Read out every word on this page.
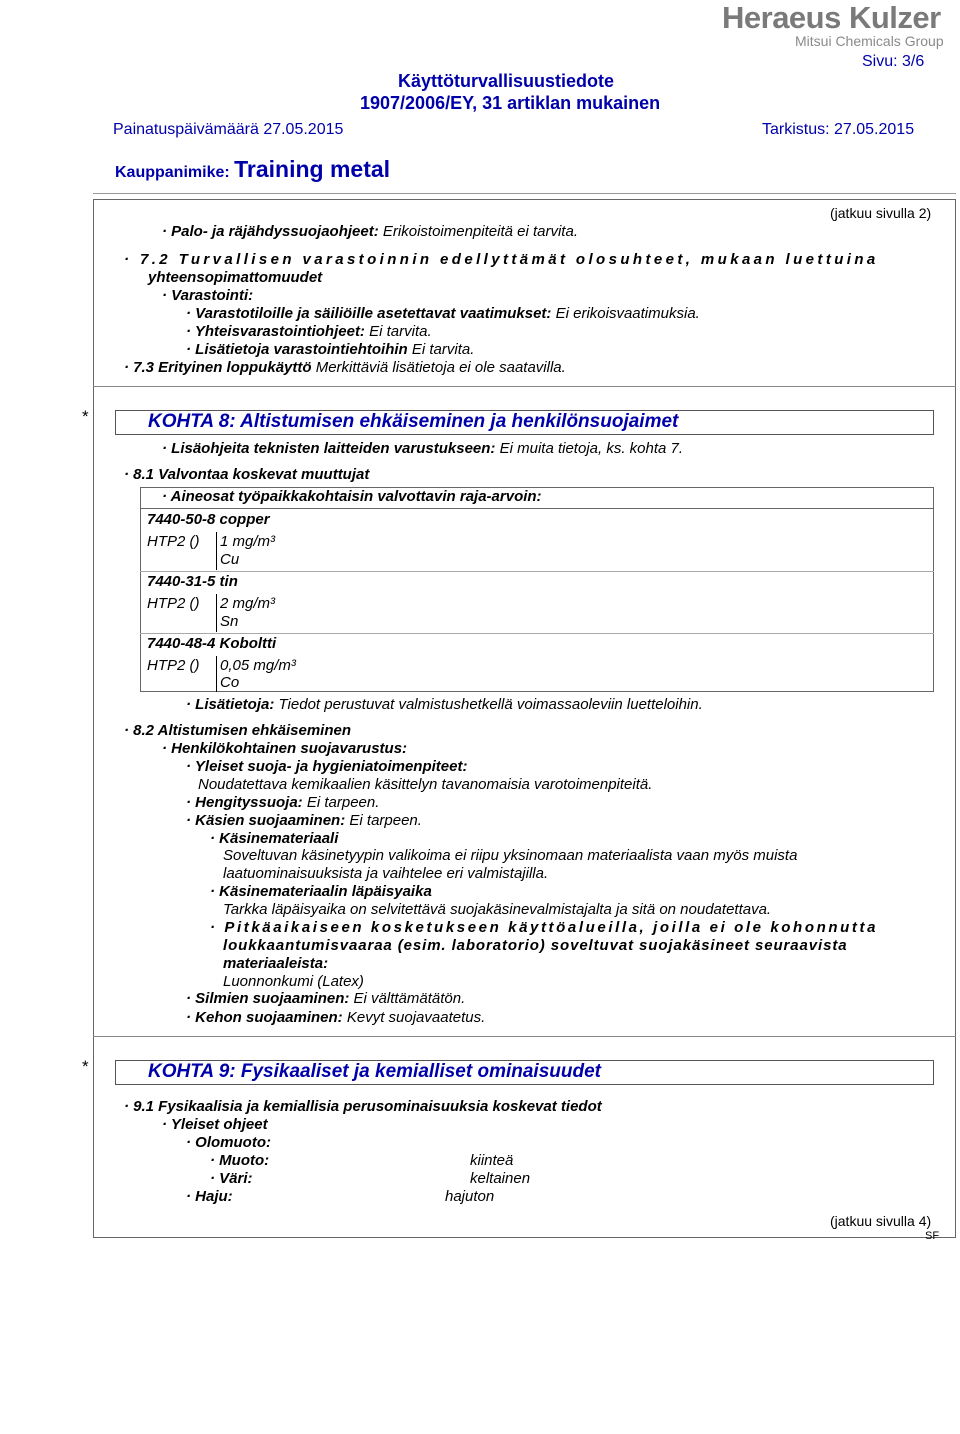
Heraeus Kulzer
Mitsui Chemicals Group
Sivu: 3/6
Käyttöturvallisuustiedote
1907/2006/EY, 31 artiklan mukainen
Painatuspäivämäärä 27.05.2015	Tarkistus: 27.05.2015
Kauppanimike: Training metal
(jatkuu sivulla 2)
· Palo- ja räjähdyssuojaohjeet: Erikoistoimenpiteitä ei tarvita.
· 7.2 Turvallisen varastoinnin edellyttämät olosuhteet, mukaan luettuina
yhteensopimattomuudet
· Varastointi:
· Varastotiloille ja säiliöille asetettavat vaatimukset: Ei erikoisvaatimuksia.
· Yhteisvarastointiohjeet: Ei tarvita.
· Lisätietoja varastointiehtoihin Ei tarvita.
· 7.3 Erityinen loppukäyttö Merkittäviä lisätietoja ei ole saatavilla.
*	KOHTA 8: Altistumisen ehkäiseminen ja henkilönsuojaimet
· Lisäohjeita teknisten laitteiden varustukseen: Ei muita tietoja, ks. kohta 7.
· 8.1 Valvontaa koskevat muuttujat
· Aineosat työpaikkakohtaisin valvottavin raja-arvoin:
7440-50-8 copper
HTP2 () 1 mg/m³
Cu
7440-31-5 tin
HTP2 () 2 mg/m³
Sn
7440-48-4 Koboltti
HTP2 () 0,05 mg/m³
Co
· Lisätietoja: Tiedot perustuvat valmistushetkellä voimassaoleviin luetteloihin.
· 8.2 Altistumisen ehkäiseminen
· Henkilökohtainen suojavarustus:
· Yleiset suoja- ja hygieniatoimenpiteet:
Noudatettava kemikaalien käsittelyn tavanomaisia varotoimenpiteitä.
· Hengityssuoja: Ei tarpeen.
· Käsien suojaaminen: Ei tarpeen.
· Käsinemateriaali
Soveltuvan käsinetyypin valikoima ei riipu yksinomaan materiaalista vaan myös muista
laatuominaisuuksista ja vaihtelee eri valmistajilla.
· Käsinemateriaalin läpäisyaika
Tarkka läpäisyaika on selvitettävä suojakäsinevalmistajalta ja sitä on noudatettava.
· Pitkäaikaiseen kosketukseen käyttöalueilla, joilla ei ole kohonnutta
loukkaantumisvaaraa (esim. laboratorio) soveltuvat suojakäsineet seuraavista
materiaaleista:
Luonnonkumi (Latex)
· Silmien suojaaminen: Ei välttämätätön.
· Kehon suojaaminen: Kevyt suojavaatetus.
*	KOHTA 9: Fysikaaliset ja kemialliset ominaisuudet
· 9.1 Fysikaalisia ja kemiallisia perusominaisuuksia koskevat tiedot
· Yleiset ohjeet
· Olomuoto:
· Muoto:	kiinteä
· Väri:	keltainen
· Haju:	hajuton
(jatkuu sivulla 4)
SF
